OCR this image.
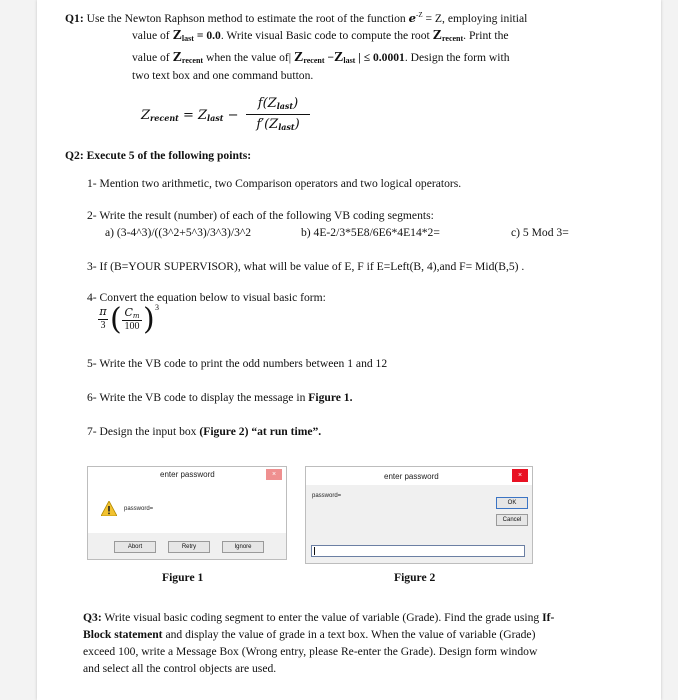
Q1: Use the Newton Raphson method to estimate the root of the function $e^{-Z} = Z$, employing initial
value of $Z_{last} = 0.0$. Write visual Basic code to compute the root $Z_{recent}$. Print the
value of $Z_{recent}$ when the value of| $Z_{recent} -Z_{last}$ | ≤ 0.0001. Design the form with
two text box and one command button.
$Z_{recent} = Z_{last}$ −
$f(Z_{last})$
$f'(Z_{last})$
Q2: Execute 5 of the following points:
1- Mention two arithmetic, two Comparison operators and two logical operators.
2- Write the result (number) of each of the following VB coding segments:
a) (3-4^3)/((3^2+5^3)/3^3)/3^2	b) 4E-2/3*5E8/6E6*4E14*2=	c) 5 Mod 3=
3- If (B=YOUR SUPERVISOR), what will be value of E, F if E=Left(B, 4),and F= Mid(B,5) .
4- Convert the equation below to visual basic form:
π
3 ( Cm
100 ) 3
5- Write the VB code to print the odd numbers between 1 and 12
6- Write the VB code to display the message in Figure 1.
7- Design the input box (Figure 2) “at run time”.
enter password	×
password=
Abort	Retry	Ignore
enter password	×
password=
OK
Cancel
Figure 1	Figure 2
Q3: Write visual basic coding segment to enter the value of variable (Grade). Find the grade using If-
Block statement and display the value of grade in a text box. When the value of variable (Grade)
exceed 100, write a Message Box (Wrong entry, please Re-enter the Grade). Design form window
and select all the control objects are used.
